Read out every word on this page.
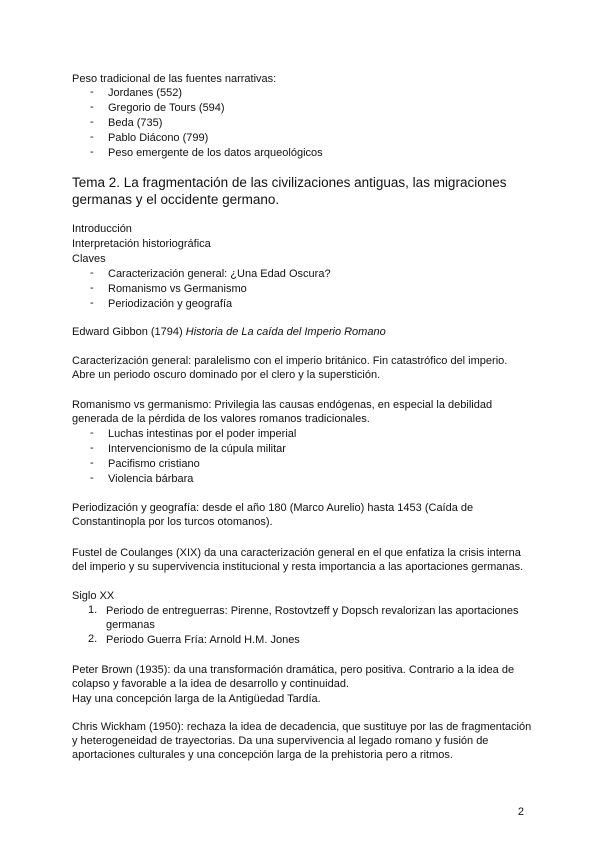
Peso tradicional de las fuentes narrativas:

- Jordanes (552)
- Gregorio de Tours (594)
- Beda (735)
- Pablo Diácono (799)
- Peso emergente de los datos arqueológicos

Tema 2. La fragmentación de las civilizaciones antiguas, las migraciones germanas y el occidente germano.

Introducción

Interpretación historiográfica

Claves

- Caracterización general: ¿Una Edad Oscura?
- Romanismo vs Germanismo
- Periodización y geografía

Edward Gibbon (1794) Historia de La caída del Imperio Romano

Caracterización general: paralelismo con el imperio británico. Fin catastrófico del imperio. Abre un periodo oscuro dominado por el clero y la superstición.

Romanismo vs germanismo: Privilegia las causas endógenas, en especial la debilidad generada de la pérdida de los valores romanos tradicionales.

- Luchas intestinas por el poder imperial
- Intervencionismo de la cúpula militar
- Pacifismo cristiano
- Violencia bárbara

Periodización y geografía: desde el año 180 (Marco Aurelio) hasta 1453 (Caída de Constantinopla por los turcos otomanos).

Fustel de Coulanges (XIX) da una caracterización general en el que enfatiza la crisis interna del imperio y su supervivencia institucional y resta importancia a las aportaciones germanas.

Siglo XX

1. Periodo de entreguerras: Pirenne, Rostovtzeff y Dopsch revalorizan las aportaciones germanas
2. Periodo Guerra Fría: Arnold H.M. Jones

Peter Brown (1935): da una transformación dramática, pero positiva. Contrario a la idea de colapso y favorable a la idea de desarrollo y continuidad.

Hay una concepción larga de la Antigüedad Tardía.

Chris Wickham (1950): rechaza la idea de decadencia, que sustituye por las de fragmentación y heterogeneidad de trayectorias. Da una supervivencia al legado romano y fusión de aportaciones culturales y una concepción larga de la prehistoria pero a ritmos.

2
